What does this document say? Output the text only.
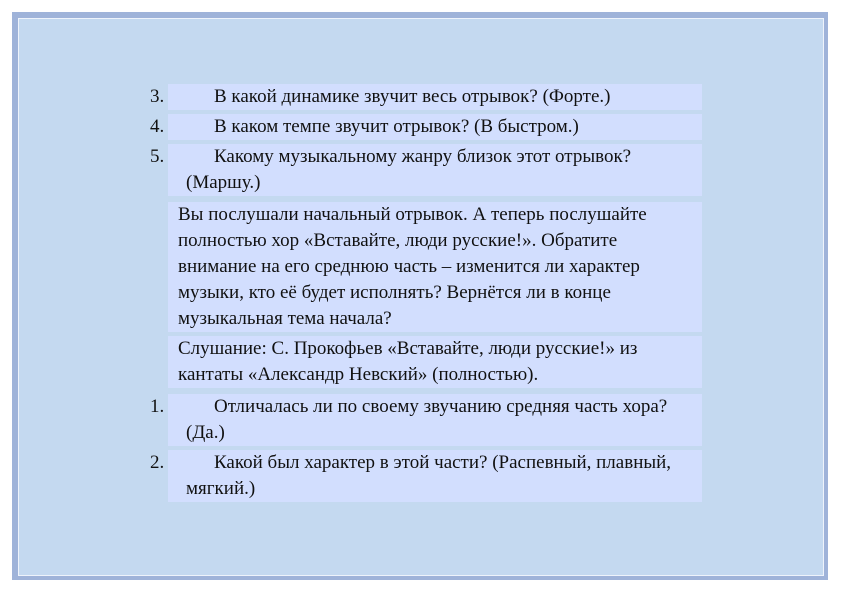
3.	В какой динамике звучит весь отрывок? (Форте.)
4.	В каком темпе звучит отрывок? (В быстром.)
5.	Какому музыкальному жанру близок этот отрывок? (Маршу.)
Вы послушали начальный отрывок. А теперь послушайте полностью хор «Вставайте, люди русские!». Обратите внимание на его среднюю часть – изменится ли характер музыки, кто её будет исполнять? Вернётся ли в конце музыкальная тема начала?
Слушание: С. Прокофьев «Вставайте, люди русские!» из кантаты «Александр Невский» (полностью).
1.	Отличалась ли по своему звучанию средняя часть хора? (Да.)
2.	Какой был характер в этой части? (Распевный, плавный, мягкий.)
